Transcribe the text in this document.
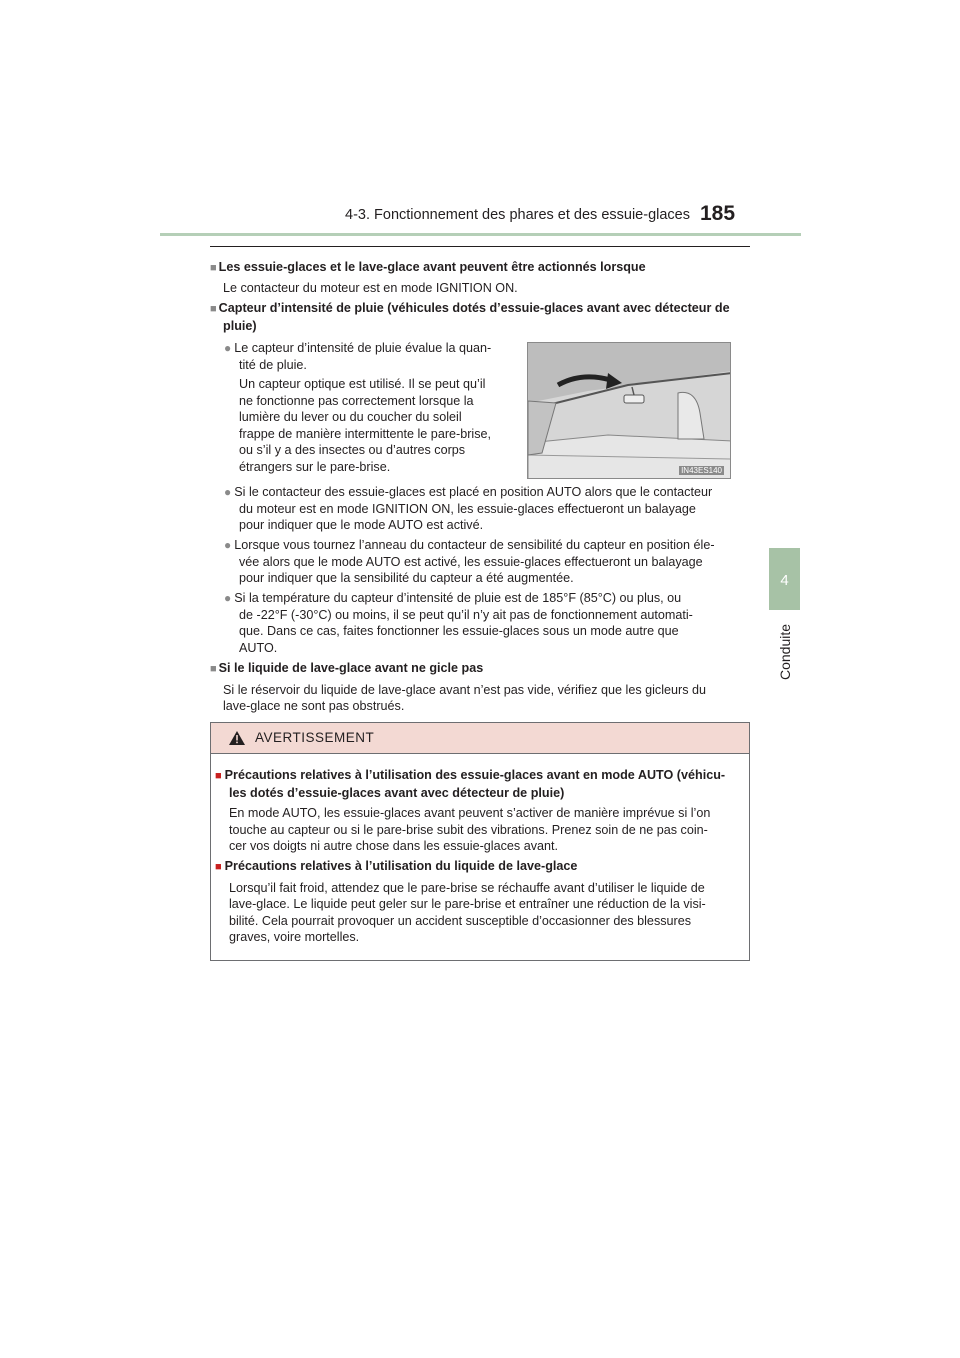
4-3. Fonctionnement des phares et des essuie-glaces 185
4
Conduite
■ Les essuie-glaces et le lave-glace avant peuvent être actionnés lorsque
Le contacteur du moteur est en mode IGNITION ON.
■ Capteur d’intensité de pluie (véhicules dotés d’essuie-glaces avant avec détecteur de
pluie)
● Le capteur d’intensité de pluie évalue la quan-
tité de pluie.
Un capteur optique est utilisé. Il se peut qu’il
ne fonctionne pas correctement lorsque la
lumière du lever ou du coucher du soleil
frappe de manière intermittente le pare-brise,
ou s’il y a des insectes ou d’autres corps
étrangers sur le pare-brise.	IN43ES140
● Si le contacteur des essuie-glaces est placé en position AUTO alors que le contacteur
du moteur est en mode IGNITION ON, les essuie-glaces effectueront un balayage
pour indiquer que le mode AUTO est activé.
● Lorsque vous tournez l’anneau du contacteur de sensibilité du capteur en position éle-
vée alors que le mode AUTO est activé, les essuie-glaces effectueront un balayage
pour indiquer que la sensibilité du capteur a été augmentée.
● Si la température du capteur d’intensité de pluie est de 185°F (85°C) ou plus, ou
de -22°F (-30°C) ou moins, il se peut qu’il n’y ait pas de fonctionnement automati-
que. Dans ce cas, faites fonctionner les essuie-glaces sous un mode autre que
AUTO.
■ Si le liquide de lave-glace avant ne gicle pas
Si le réservoir du liquide de lave-glace avant n’est pas vide, vérifiez que les gicleurs du
lave-glace ne sont pas obstrués.
AVERTISSEMENT
■ Précautions relatives à l’utilisation des essuie-glaces avant en mode AUTO (véhicu-
les dotés d’essuie-glaces avant avec détecteur de pluie)
En mode AUTO, les essuie-glaces avant peuvent s’activer de manière imprévue si l’on
touche au capteur ou si le pare-brise subit des vibrations. Prenez soin de ne pas coin-
cer vos doigts ni autre chose dans les essuie-glaces avant.
■ Précautions relatives à l’utilisation du liquide de lave-glace
Lorsqu’il fait froid, attendez que le pare-brise se réchauffe avant d’utiliser le liquide de
lave-glace. Le liquide peut geler sur le pare-brise et entraîner une réduction de la visi-
bilité. Cela pourrait provoquer un accident susceptible d’occasionner des blessures
graves, voire mortelles.
